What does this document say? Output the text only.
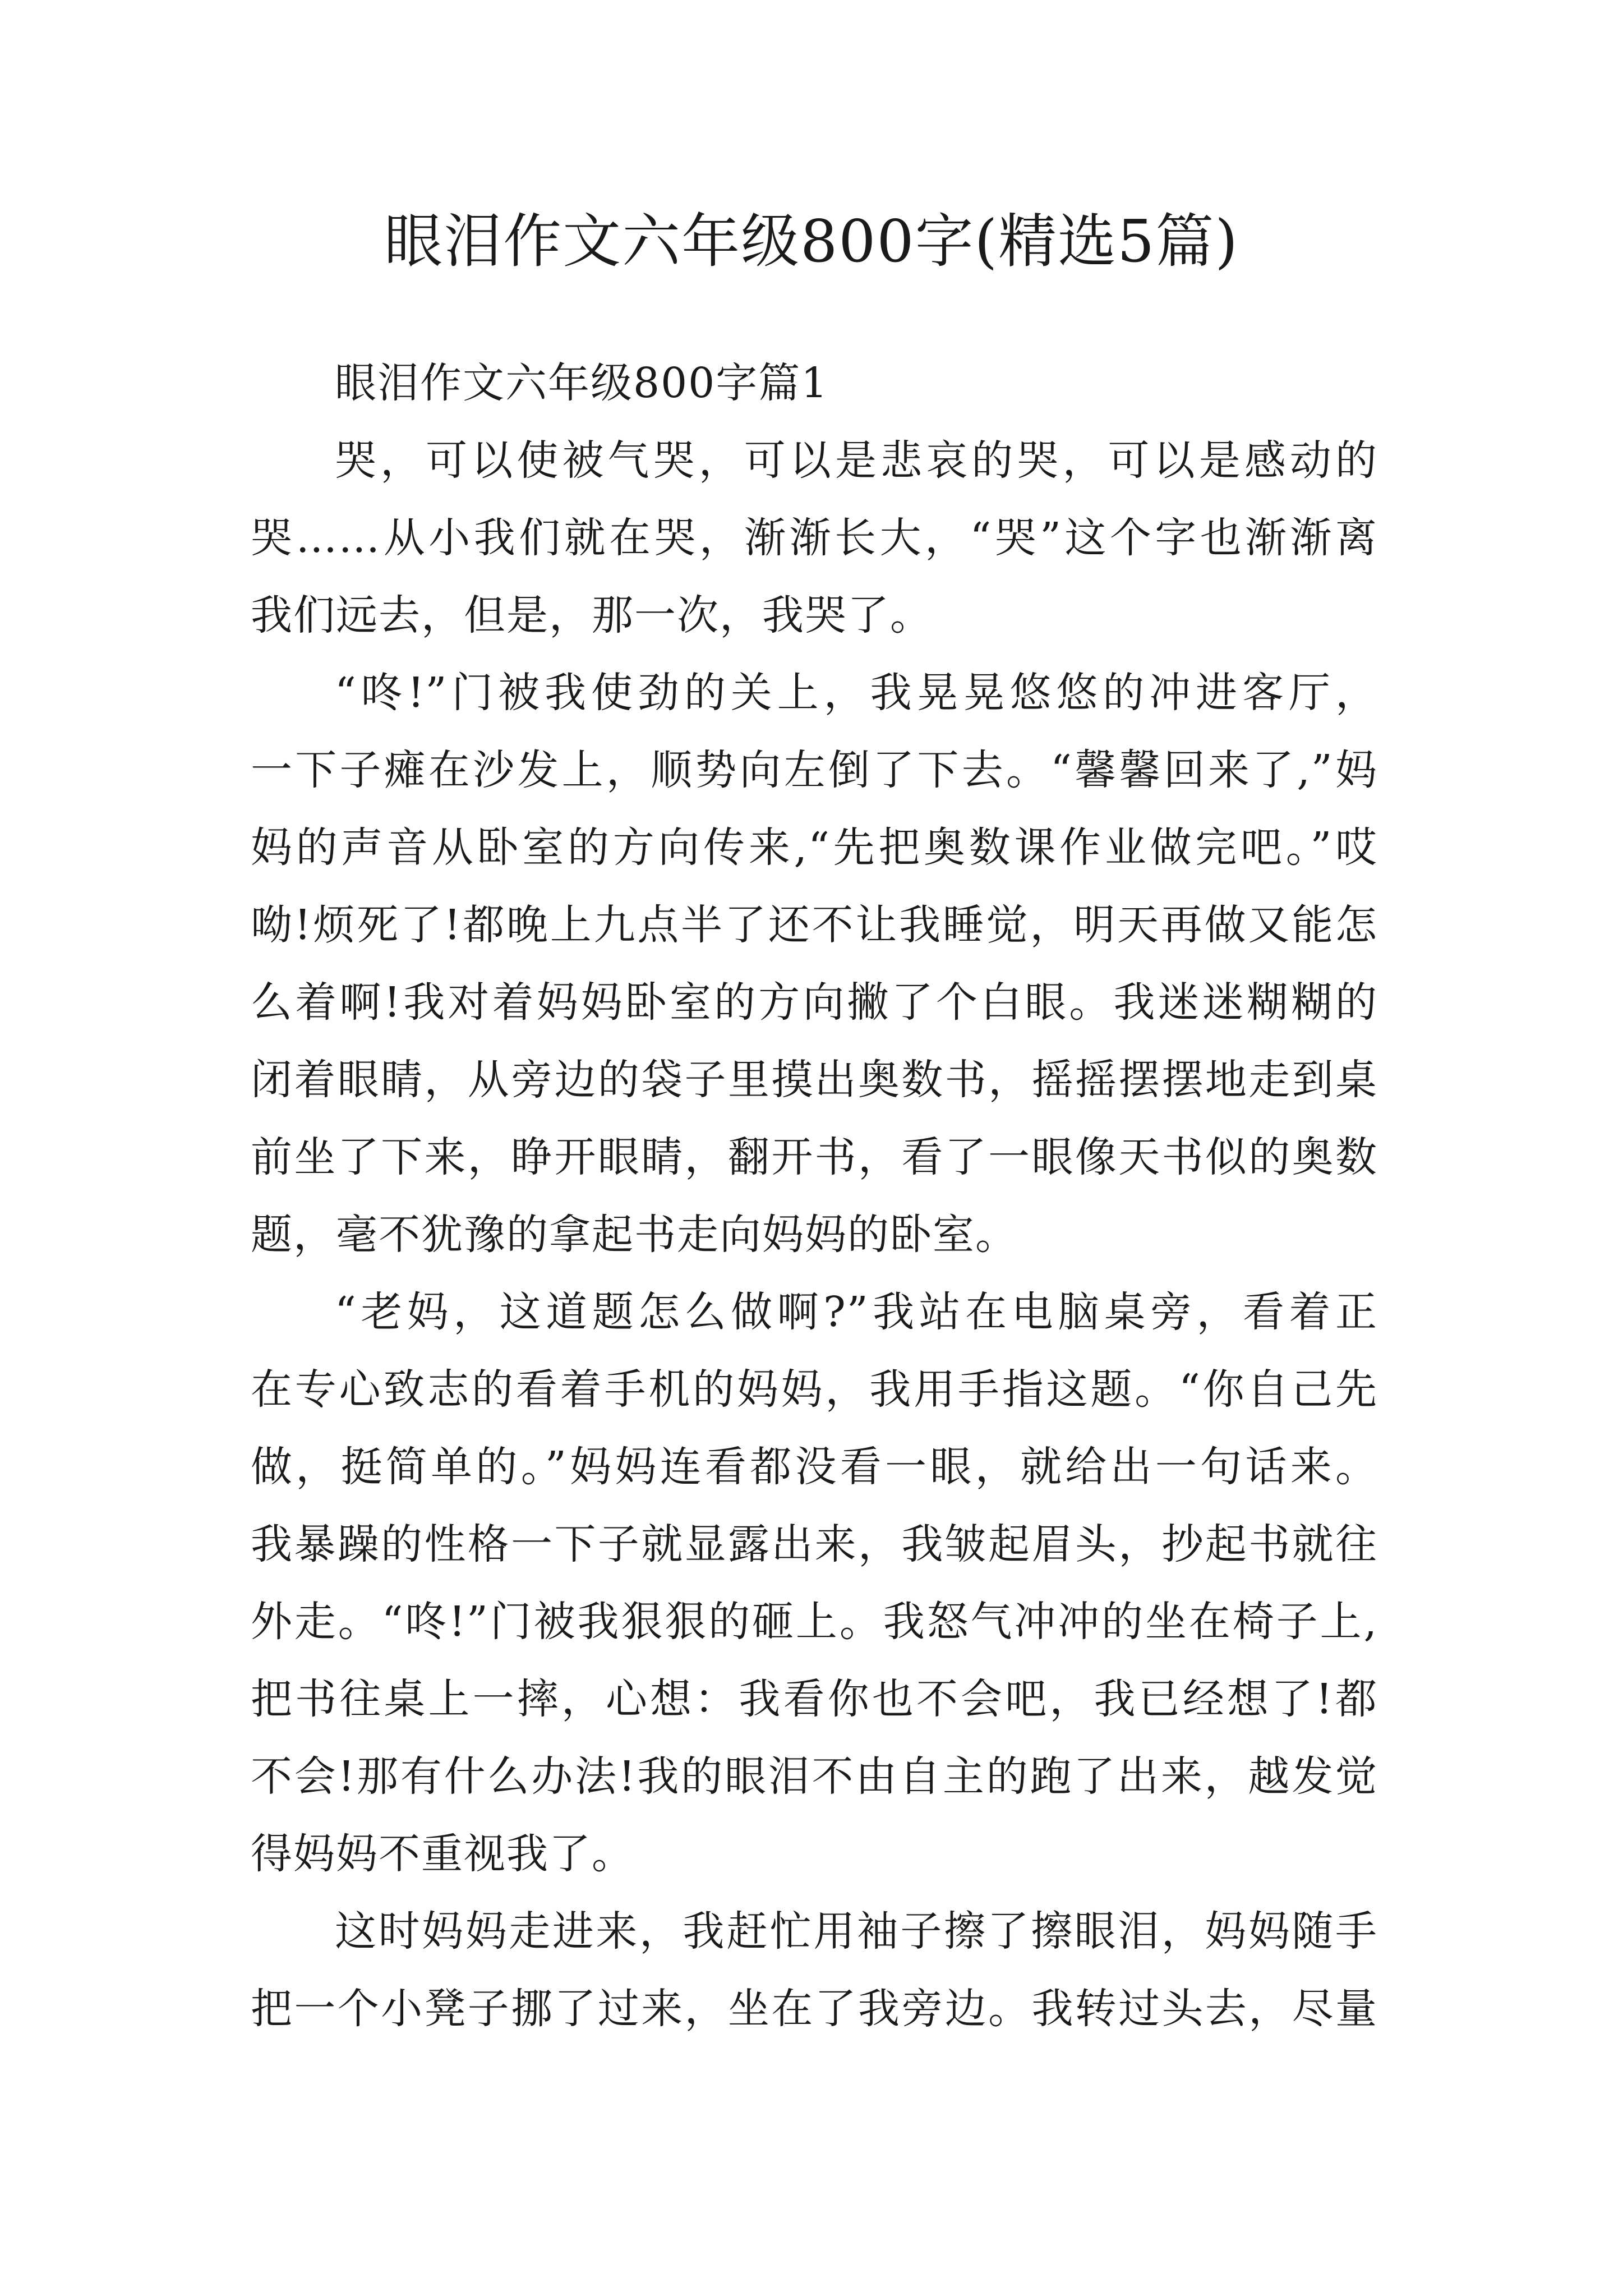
眼泪作文六年级800字(精选5篇)
眼泪作文六年级800字篇1
哭，可以使被气哭，可以是悲哀的哭，可以是感动的
哭……从小我们就在哭，渐渐长大，“哭”这个字也渐渐离
我们远去，但是，那一次，我哭了。
“咚!”门被我使劲的关上，我晃晃悠悠的冲进客厅，
一下子瘫在沙发上，顺势向左倒了下去。“馨馨回来了,”妈
妈的声音从卧室的方向传来,“先把奥数课作业做完吧。”哎
呦!烦死了!都晚上九点半了还不让我睡觉，明天再做又能怎
么着啊!我对着妈妈卧室的方向撇了个白眼。我迷迷糊糊的
闭着眼睛，从旁边的袋子里摸出奥数书，摇摇摆摆地走到桌
前坐了下来，睁开眼睛，翻开书，看了一眼像天书似的奥数
题，毫不犹豫的拿起书走向妈妈的卧室。
“老妈，这道题怎么做啊?”我站在电脑桌旁，看着正
在专心致志的看着手机的妈妈，我用手指这题。“你自己先
做，挺简单的。”妈妈连看都没看一眼，就给出一句话来。
我暴躁的性格一下子就显露出来，我皱起眉头，抄起书就往
外走。“咚!”门被我狠狠的砸上。我怒气冲冲的坐在椅子上,
把书往桌上一摔，心想：我看你也不会吧，我已经想了!都
不会!那有什么办法!我的眼泪不由自主的跑了出来，越发觉
得妈妈不重视我了。
这时妈妈走进来，我赶忙用袖子擦了擦眼泪，妈妈随手
把一个小凳子挪了过来，坐在了我旁边。我转过头去，尽量
